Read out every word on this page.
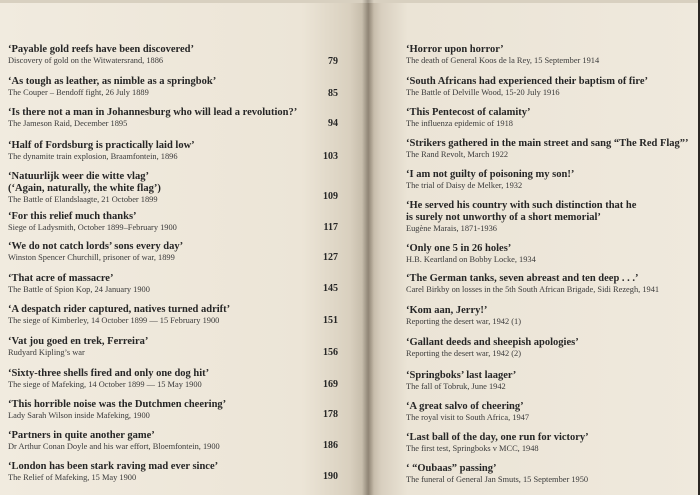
‘Payable gold reefs have been discovered’
Discovery of gold on the Witwatersrand, 1886	79
‘As tough as leather, as nimble as a springbok’
The Couper – Bendoff fight, 26 July 1889	85
‘Is there not a man in Johannesburg who will lead a revolution?’
The Jameson Raid, December 1895	94
‘Half of Fordsburg is practically laid low’
The dynamite train explosion, Braamfontein, 1896	103
‘Natuurlijk weer die witte vlag’
(‘Again, naturally, the white flag’)
The Battle of Elandslaagte, 21 October 1899	109
‘For this relief much thanks’
Siege of Ladysmith, October 1899–February 1900	117
‘We do not catch lords’ sons every day’
Winston Spencer Churchill, prisoner of war, 1899	127
‘That acre of massacre’
The Battle of Spion Kop, 24 January 1900	145
‘A despatch rider captured, natives turned adrift’
The siege of Kimberley, 14 October 1899 — 15 February 1900	151
‘Vat jou goed en trek, Ferreira’
Rudyard Kipling’s war	156
‘Sixty-three shells fired and only one dog hit’
The siege of Mafeking, 14 October 1899 — 15 May 1900	169
‘This horrible noise was the Dutchmen cheering’
Lady Sarah Wilson inside Mafeking, 1900	178
‘Partners in quite another game’
Dr Arthur Conan Doyle and his war effort, Bloemfontein, 1900	186
‘London has been stark raving mad ever since’
The Relief of Mafeking, 15 May 1900	190
‘Horror upon horror’
The death of General Koos de la Rey, 15 September 1914
‘South Africans had experienced their baptism of fire’
The Battle of Delville Wood, 15-20 July 1916
‘This Pentecost of calamity’
The influenza epidemic of 1918
‘Strikers gathered in the main street and sang “The Red Flag”’
The Rand Revolt, March 1922
‘I am not guilty of poisoning my son!’
The trial of Daisy de Melker, 1932
‘He served his country with such distinction that he
is surely not unworthy of a short memorial’
Eugène Marais, 1871-1936
‘Only one 5 in 26 holes’
H.B. Keartland on Bobby Locke, 1934
‘The German tanks, seven abreast and ten deep . . .’
Carel Birkby on losses in the 5th South African Brigade, Sidi Rezegh, 1941
‘Kom aan, Jerry!’
Reporting the desert war, 1942 (1)
‘Gallant deeds and sheepish apologies’
Reporting the desert war, 1942 (2)
‘Springboks’ last laager’
The fall of Tobruk, June 1942
‘A great salvo of cheering’
The royal visit to South Africa, 1947
‘Last ball of the day, one run for victory’
The first test, Springboks v MCC, 1948
‘ “Oubaas” passing’
The funeral of General Jan Smuts, 15 September 1950
